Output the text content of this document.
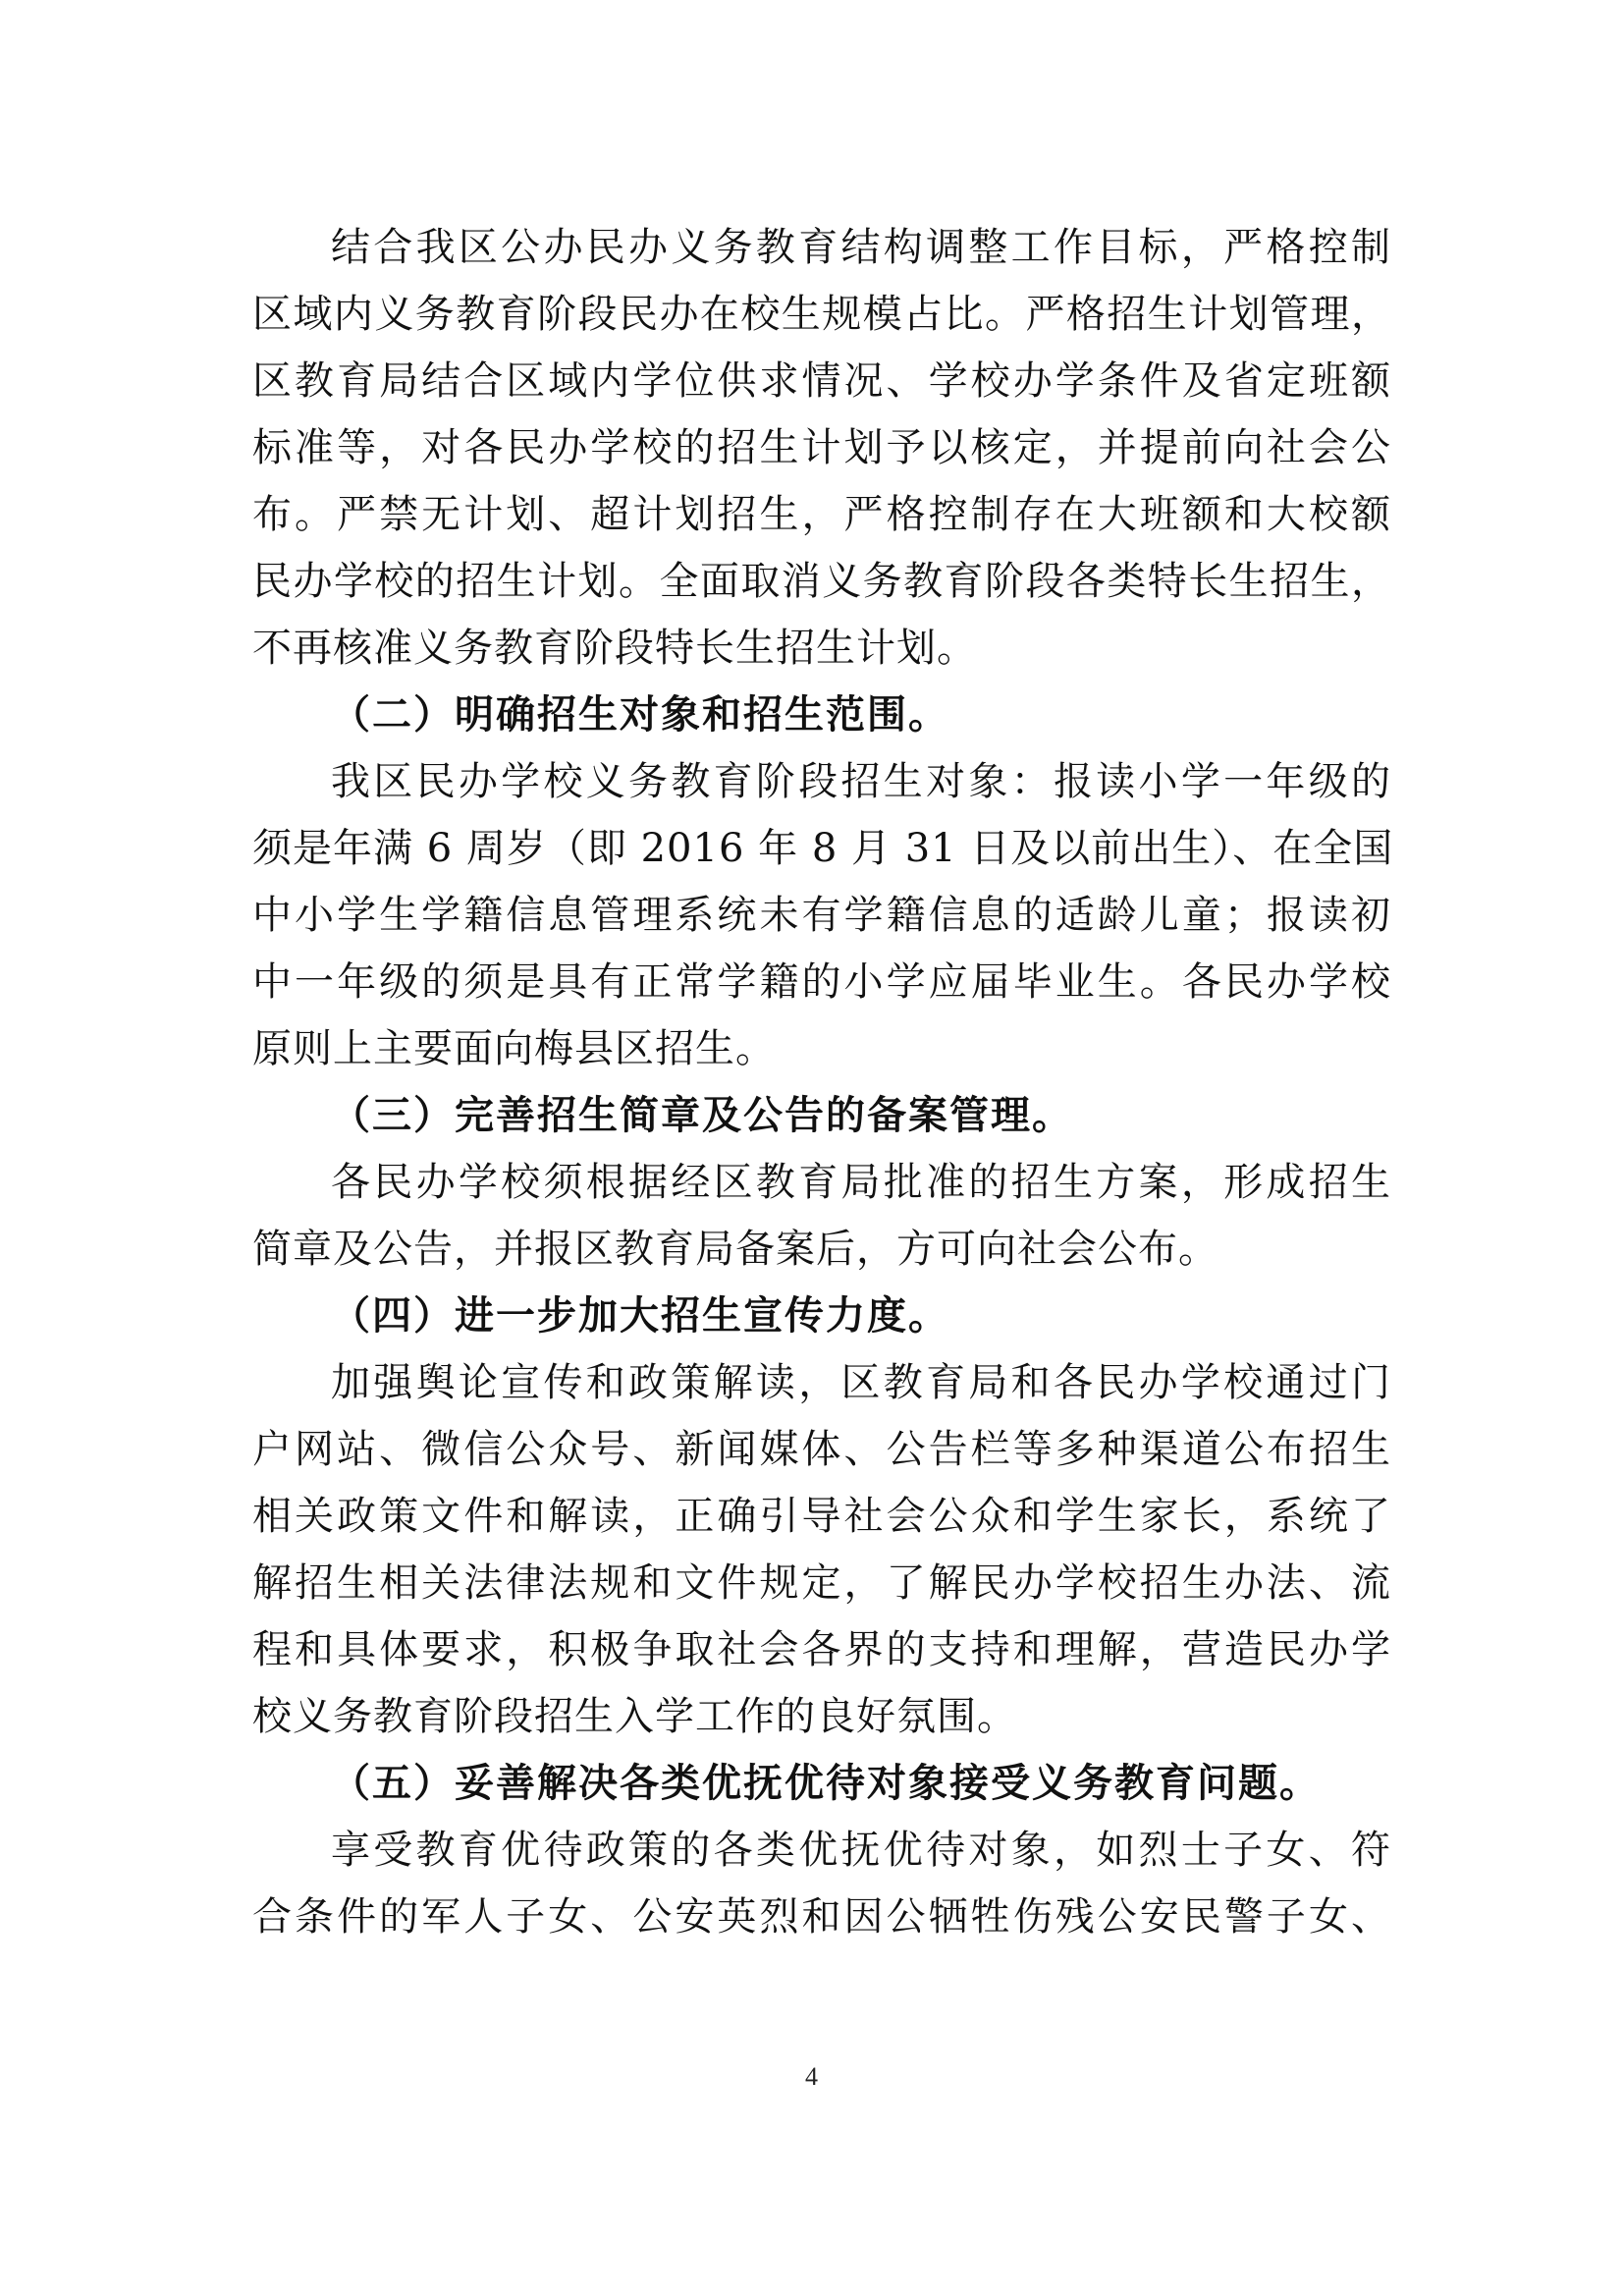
结合我区公办民办义务教育结构调整工作目标，严格控制
区域内义务教育阶段民办在校生规模占比。严格招生计划管理，
区教育局结合区域内学位供求情况、学校办学条件及省定班额
标准等，对各民办学校的招生计划予以核定，并提前向社会公
布。严禁无计划、超计划招生，严格控制存在大班额和大校额
民办学校的招生计划。全面取消义务教育阶段各类特长生招生，
不再核准义务教育阶段特长生招生计划。
（二）明确招生对象和招生范围。
我区民办学校义务教育阶段招生对象：报读小学一年级的
须是年满 6 周岁（即 2016 年 8 月 31 日及以前出生）、在全国
中小学生学籍信息管理系统未有学籍信息的适龄儿童；报读初
中一年级的须是具有正常学籍的小学应届毕业生。各民办学校
原则上主要面向梅县区招生。
（三）完善招生简章及公告的备案管理。
各民办学校须根据经区教育局批准的招生方案，形成招生
简章及公告，并报区教育局备案后，方可向社会公布。
（四）进一步加大招生宣传力度。
加强舆论宣传和政策解读，区教育局和各民办学校通过门
户网站、微信公众号、新闻媒体、公告栏等多种渠道公布招生
相关政策文件和解读，正确引导社会公众和学生家长，系统了
解招生相关法律法规和文件规定，了解民办学校招生办法、流
程和具体要求，积极争取社会各界的支持和理解，营造民办学
校义务教育阶段招生入学工作的良好氛围。
（五）妥善解决各类优抚优待对象接受义务教育问题。
享受教育优待政策的各类优抚优待对象，如烈士子女、符
合条件的军人子女、公安英烈和因公牺牲伤残公安民警子女、
4
